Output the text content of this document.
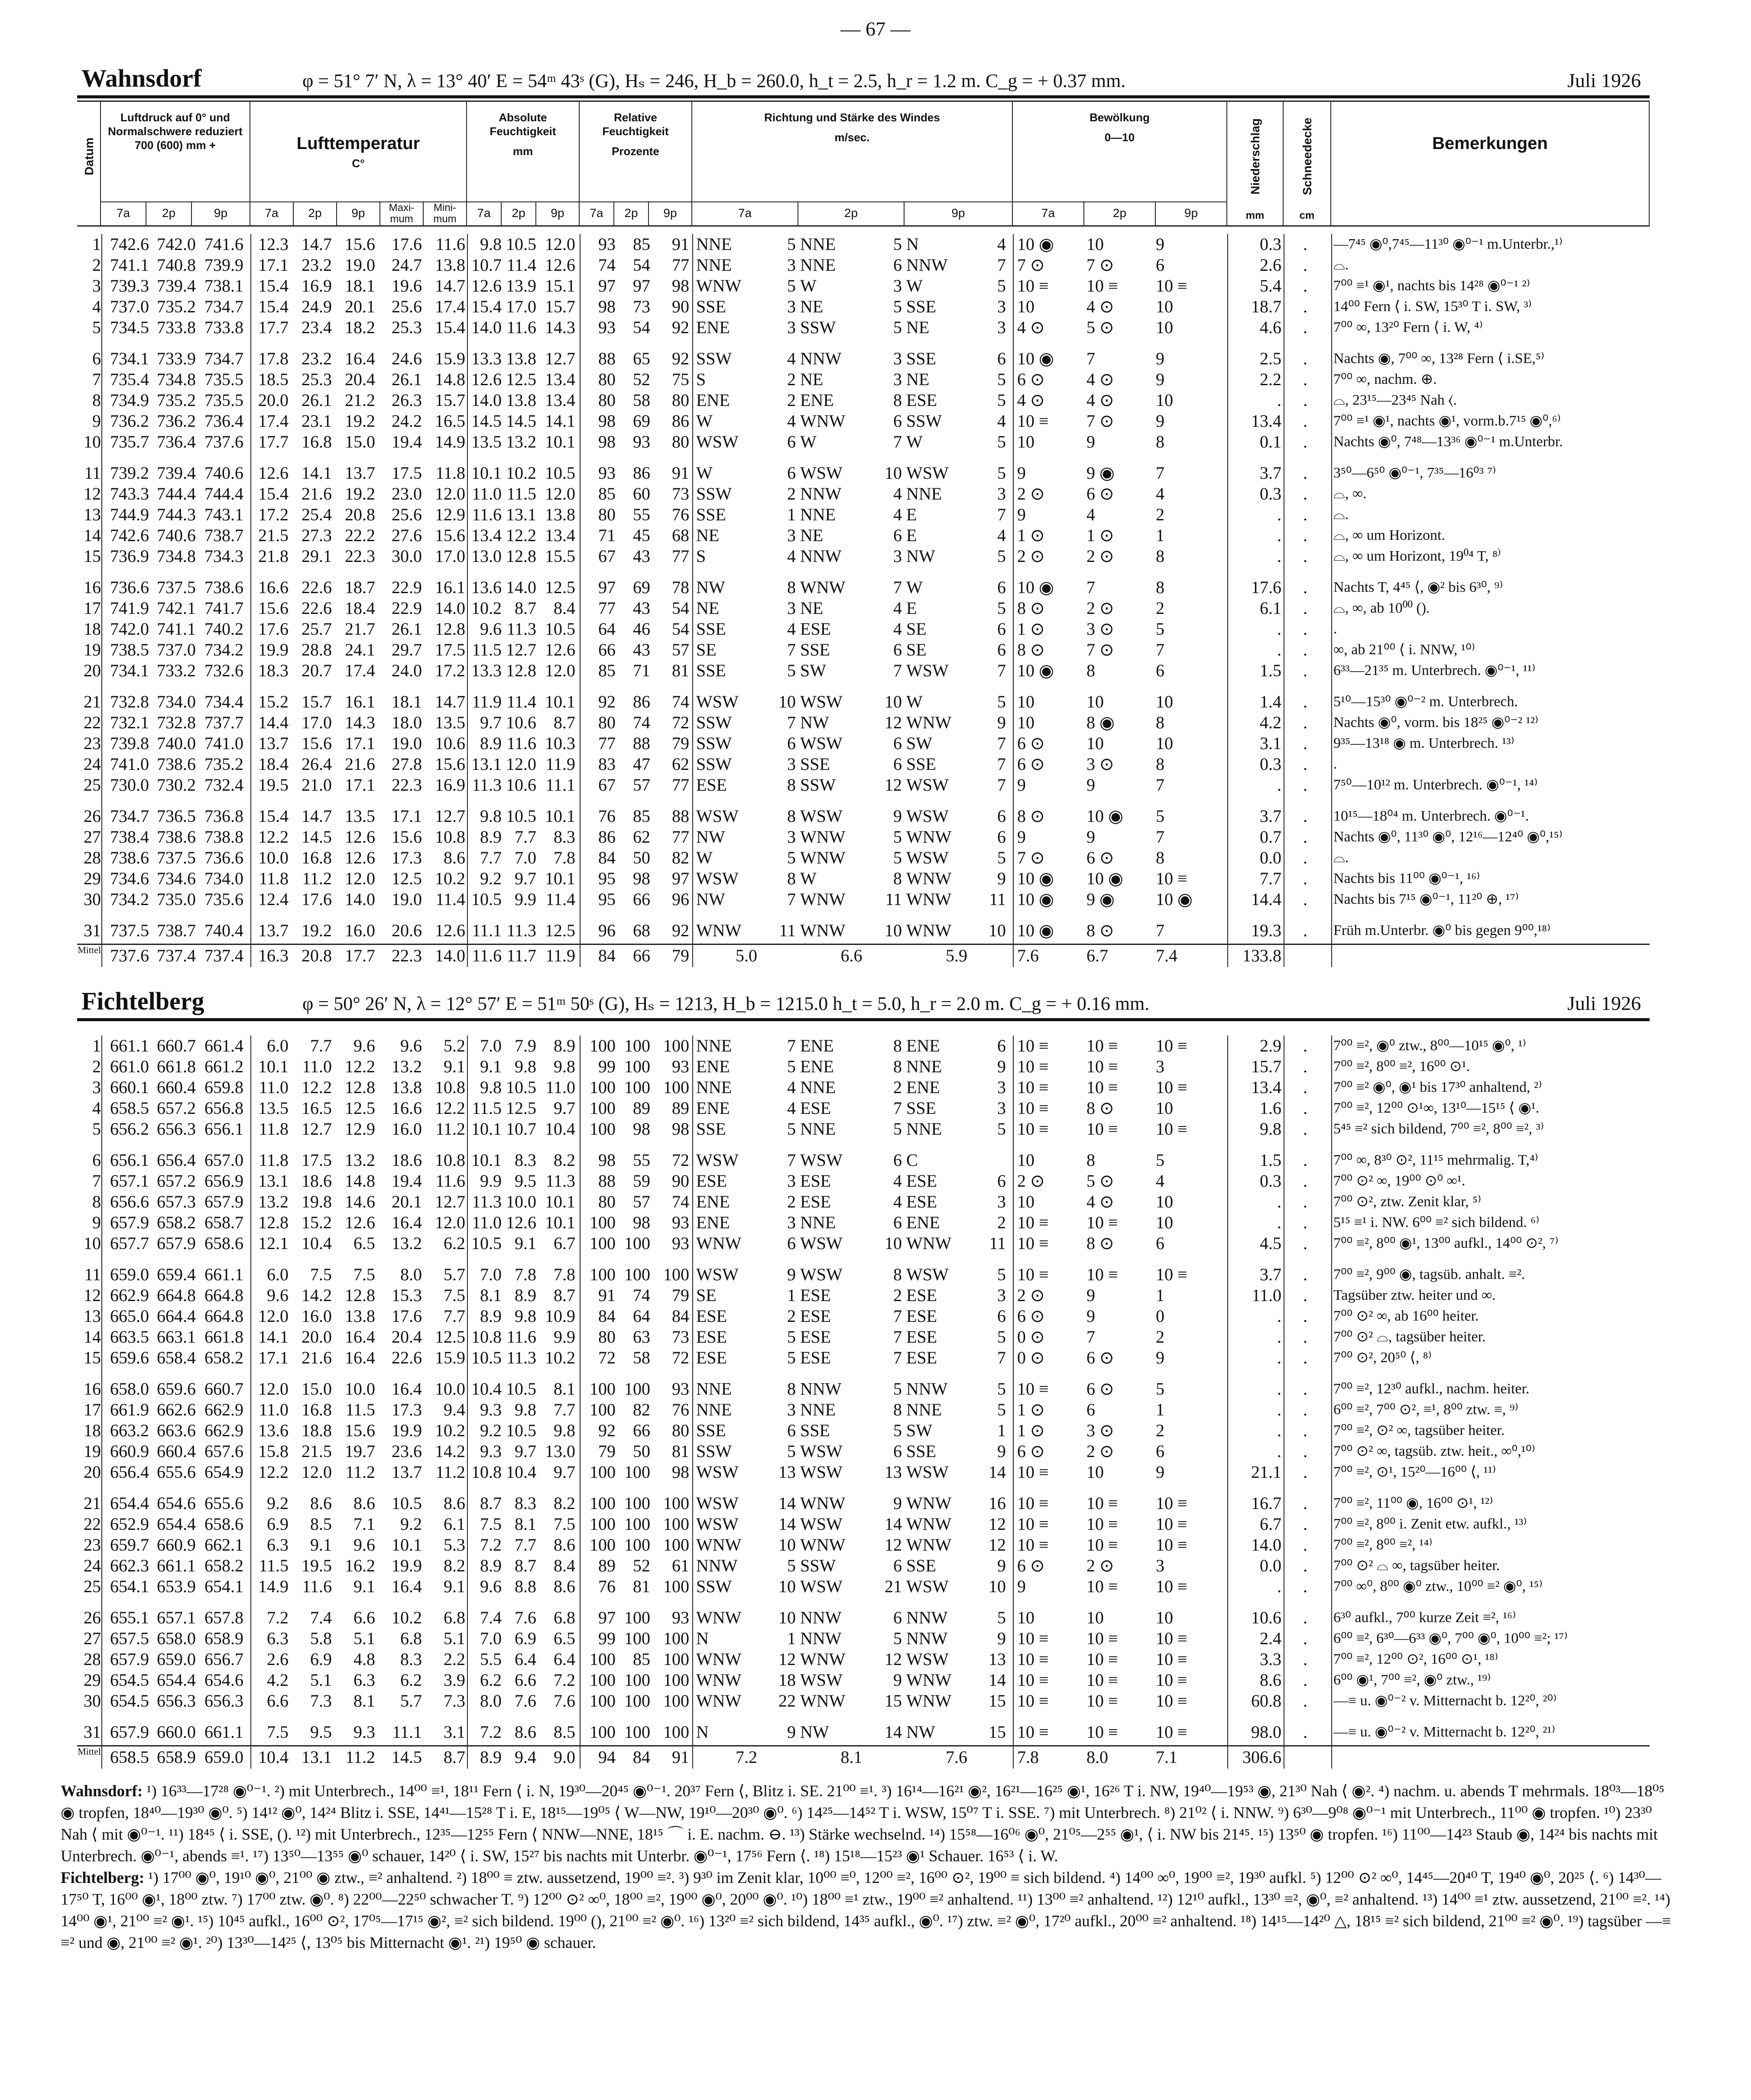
— 67 —
Wahnsdorf	φ = 51° 7′ N, λ = 13° 40′ E = 54ᵐ 43ˢ (G), Hₛ = 246, H_b = 260.0, h_t = 2.5, h_r = 1.2 m. C_g = + 0.37 mm.	Juli 1926
Datum
Luftdruck auf 0° und Normalschwere reduziert 700 (600) mm +	Lufttemperatur
C°
Absolute Feuchtigkeit
mm
Relative Feuchtigkeit
Prozente
Richtung und Stärke des Windes
m/sec.
Bewölkung
0—10	Niederschlag
mm
Schneedecke
cm
Bemerkungen
7a	2p	9p	7a	2p	9p	Maxi-mum
Mini-mum	7a	2p	9p	7a	2p	9p	7a	2p	9p	7a	2p	9p
1 742.6 742.0 741.6 12.3 14.7 15.6 17.6 11.6 9.8 10.5 12.0	93	85	91 NNE	5 NNE	5 N	4 10 ◉	10	9	0.3	.	—7⁴⁵ ◉⁰,7⁴⁵—11³⁰ ◉⁰⁻¹ m.Unterbr.,¹⁾
2 741.1 740.8 739.9 17.1 23.2 19.0 24.7 13.8 10.7 11.4 12.6	74	54	77 NNE	3 NNE	6 NNW	7 7 ⊙	7 ⊙	6	2.6	.	⌓.
3 739.3 739.4 738.1 15.4 16.9 18.1 19.6 14.7 12.6 13.9 15.1	97	97	98 WNW	5 W	3 W	5 10 ≡	10 ≡	10 ≡	5.4	.	7⁰⁰ ≡¹ ◉¹, nachts bis 14²⁸ ◉⁰⁻¹ ²⁾
4 737.0 735.2 734.7 15.4 24.9 20.1 25.6 17.4 15.4 17.0 15.7	98	73	90 SSE	3 NE	5 SSE	3 10	4 ⊙	10	18.7	.	14⁰⁰ Fern ⟨ i. SW, 15³⁰ T i. SW, ³⁾
5 734.5 733.8 733.8 17.7 23.4 18.2 25.3 15.4 14.0 11.6 14.3	93	54	92 ENE	3 SSW	5 NE	3 4 ⊙	5 ⊙	10	4.6	.	7⁰⁰ ∞, 13²⁰ Fern ⟨ i. W, ⁴⁾
6 734.1 733.9 734.7 17.8 23.2 16.4 24.6 15.9 13.3 13.8 12.7	88	65	92 SSW	4 NNW	3 SSE	6 10 ◉	7	9	2.5	.	Nachts ◉, 7⁰⁰ ∞, 13²⁸ Fern ⟨ i.SE,⁵⁾
7 735.4 734.8 735.5 18.5 25.3 20.4 26.1 14.8 12.6 12.5 13.4	80	52	75 S	2 NE	3 NE	5 6 ⊙	4 ⊙	9	2.2	.	7⁰⁰ ∞, nachm. ⊕.
8 734.9 735.2 735.5 20.0 26.1 21.2 26.3 15.7 14.0 13.8 13.4	80	58	80 ENE	2 ENE	8 ESE	5 4 ⊙	4 ⊙	10	.	.	⌓, 23¹⁵—23⁴⁵ Nah ⟨.
9 736.2 736.2 736.4 17.4 23.1 19.2 24.2 16.5 14.5 14.5 14.1	98	69	86 W	4 WNW	6 SSW	4 10 ≡	7 ⊙	9	13.4	.	7⁰⁰ ≡¹ ◉¹, nachts ◉¹, vorm.b.7¹⁵ ◉⁰,⁶⁾
10 735.7 736.4 737.6 17.7 16.8 15.0 19.4 14.9 13.5 13.2 10.1	98	93	80 WSW	6 W	7 W	5 10	9	8	0.1	.	Nachts ◉⁰, 7⁴⁸—13³⁶ ◉⁰⁻¹ m.Unterbr.
11 739.2 739.4 740.6 12.6 14.1 13.7 17.5 11.8 10.1 10.2 10.5	93	86	91 W	6 WSW 10 WSW	5 9	9 ◉	7	3.7	.	3⁵⁰—6⁵⁰ ◉⁰⁻¹, 7³⁵—16⁰³ ⁷⁾
12 743.3 744.4 744.4 15.4 21.6 19.2 23.0 12.0 11.0 11.5 12.0	85	60	73 SSW	2 NNW	4 NNE	3 2 ⊙	6 ⊙	4	0.3	.	⌓, ∞.
13 744.9 744.3 743.1 17.2 25.4 20.8 25.6 12.9 11.6 13.1 13.8	80	55	76 SSE	1 NNE	4 E	7 9	4	2	.	.	⌓.
14 742.6 740.6 738.7 21.5 27.3 22.2 27.6 15.6 13.4 12.2 13.4	71	45	68 NE	3 NE	6 E	4 1 ⊙	1 ⊙	1	.	.	⌓, ∞ um Horizont.
15 736.9 734.8 734.3 21.8 29.1 22.3 30.0 17.0 13.0 12.8 15.5	67	43	77 S	4 NNW	3 NW	5 2 ⊙	2 ⊙	8	.	.	⌓, ∞ um Horizont, 19⁰⁴ T, ⁸⁾
16 736.6 737.5 738.6 16.6 22.6 18.7 22.9 16.1 13.6 14.0 12.5	97	69	78 NW	8 WNW	7 W	6 10 ◉	7	8	17.6	.	Nachts T, 4⁴⁵ ⟨, ◉² bis 6³⁰, ⁹⁾
17 741.9 742.1 741.7 15.6 22.6 18.4 22.9 14.0 10.2 8.7	8.4	77	43	54 NE	3 NE	4 E	5 8 ⊙	2 ⊙	2	6.1	.	⌓, ∞, ab 10⁰⁰ ().
18 742.0 741.1 740.2 17.6 25.7 21.7 26.1 12.8 9.6 11.3 10.5	64	46	54 SSE	4 ESE	4 SE	6 1 ⊙	3 ⊙	5	.	.	.
19 738.5 737.0 734.2 19.9 28.8 24.1 29.7 17.5 11.5 12.7 12.6	66	43	57 SE	7 SSE	6 SE	6 8 ⊙	7 ⊙	7	.	.	∞, ab 21⁰⁰ ⟨ i. NNW, ¹⁰⁾
20 734.1 733.2 732.6 18.3 20.7 17.4 24.0 17.2 13.3 12.8 12.0	85	71	81 SSE	5 SW	7 WSW	7 10 ◉	8	6	1.5	.	6³³—21³⁵ m. Unterbrech. ◉⁰⁻¹, ¹¹⁾
21 732.8 734.0 734.4 15.2 15.7 16.1 18.1 14.7 11.9 11.4 10.1	92	86	74 WSW 10 WSW 10 W	5 10	10	10	1.4	.	5¹⁰—15³⁰ ◉⁰⁻² m. Unterbrech.
22 732.1 732.8 737.7 14.4 17.0 14.3 18.0 13.5 9.7 10.6	8.7	80	74	72 SSW	7 NW	12 WNW	9 10	8 ◉	8	4.2	.	Nachts ◉⁰, vorm. bis 18²⁵ ◉⁰⁻² ¹²⁾
23 739.8 740.0 741.0 13.7 15.6 17.1 19.0 10.6 8.9 11.6 10.3	77	88	79 SSW	6 WSW	6 SW	7 6 ⊙	10	10	3.1	.	9³⁵—13¹⁸ ◉ m. Unterbrech. ¹³⁾
24 741.0 738.6 735.2 18.4 26.4 21.6 27.8 15.6 13.1 12.0 11.9	83	47	62 SSW	3 SSE	6 SSE	7 6 ⊙	3 ⊙	8	0.3	.	.
25 730.0 730.2 732.4 19.5 21.0 17.1 22.3 16.9 11.3 10.6 11.1	67	57	77 ESE	8 SSW	12 WSW	7 9	9	7	.	.	7⁵⁰—10¹² m. Unterbrech. ◉⁰⁻¹, ¹⁴⁾
26 734.7 736.5 736.8 15.4 14.7 13.5 17.1 12.7 9.8 10.5 10.1	76	85	88 WSW	8 WSW	9 WSW	6 8 ⊙	10 ◉	5	3.7	.	10¹⁵—18⁰⁴ m. Unterbrech. ◉⁰⁻¹.
27 738.4 738.6 738.8 12.2 14.5 12.6 15.6 10.8 8.9 7.7	8.3	86	62	77 NW	3 WNW	5 WNW	6 9	9	7	0.7	.	Nachts ◉⁰, 11³⁰ ◉⁰, 12¹⁶—12⁴⁰ ◉⁰,¹⁵⁾
28 738.6 737.5 736.6 10.0 16.8 12.6 17.3	8.6 7.7 7.0	7.8	84	50	82 W	5 WNW	5 WSW	5 7 ⊙	6 ⊙	8	0.0	.	⌓.
29 734.6 734.6 734.0 11.8 11.2 12.0 12.5 10.2 9.2 9.7 10.1	95	98	97 WSW	8 W	8 WNW	9 10 ◉	10 ◉	10 ≡	7.7	.	Nachts bis 11⁰⁰ ◉⁰⁻¹, ¹⁶⁾
30 734.2 735.0 735.6 12.4 17.6 14.0 19.0 11.4 10.5 9.9 11.4	95	66	96 NW	7 WNW 11 WNW 11 10 ◉	9 ◉	10 ◉	14.4	.	Nachts bis 7¹⁵ ◉⁰⁻¹, 11²⁰ ⊕, ¹⁷⁾
31 737.5 738.7 740.4 13.7 19.2 16.0 20.6 12.6 11.1 11.3 12.5	96	68	92 WNW 11 WNW 10 WNW 10 10 ◉	8 ⊙	7	19.3	.	Früh m.Unterbr. ◉⁰ bis gegen 9⁰⁰,¹⁸⁾
Mittel 737.6 737.4 737.4 16.3 20.8 17.7 22.3 14.0 11.6 11.7 11.9	84	66	79	5.0	6.6	5.9	7.6	6.7	7.4	133.8
Fichtelberg	φ = 50° 26′ N, λ = 12° 57′ E = 51ᵐ 50ˢ (G), Hₛ = 1213, H_b = 1215.0 h_t = 5.0, h_r = 2.0 m. C_g = + 0.16 mm.	Juli 1926
1 661.1 660.7 661.4	6.0	7.7	9.6	9.6	5.2 7.0 7.9	8.9 100 100 100 NNE	7 ENE	8 ENE	6 10 ≡	10 ≡	10 ≡	2.9	.	7⁰⁰ ≡², ◉⁰ ztw., 8⁰⁰—10¹⁵ ◉⁰, ¹⁾
2 661.0 661.8 661.2 10.1 11.0 12.2 13.2	9.1 9.1 9.8	9.8	99 100	93 ENE	5 ENE	8 NNE	9 10 ≡	10 ≡	3	15.7	.	7⁰⁰ ≡², 8⁰⁰ ≡², 16⁰⁰ ⊙¹.
3 660.1 660.4 659.8 11.0 12.2 12.8 13.8 10.8 9.8 10.5 11.0 100 100 100 NNE	4 NNE	2 ENE	3 10 ≡	10 ≡	10 ≡	13.4	.	7⁰⁰ ≡² ◉⁰, ◉¹ bis 17³⁰ anhaltend, ²⁾
4 658.5 657.2 656.8 13.5 16.5 12.5 16.6 12.2 11.5 12.5	9.7 100	89	89 ENE	4 ESE	7 SSE	3 10 ≡	8 ⊙	10	1.6	.	7⁰⁰ ≡², 12⁰⁰ ⊙¹∞, 13¹⁰—15¹⁵ ⟨ ◉¹.
5 656.2 656.3 656.1 11.8 12.7 12.9 16.0 11.2 10.1 10.7 10.4 100	98	98 SSE	5 NNE	5 NNE	5 10 ≡	10 ≡	10 ≡	9.8	.	5⁴⁵ ≡² sich bildend, 7⁰⁰ ≡², 8⁰⁰ ≡², ³⁾
6 656.1 656.4 657.0 11.8 17.5 13.2 18.6 10.8 10.1 8.3	8.2	98	55	72 WSW	7 WSW	6 C	10	8	5	1.5	.	7⁰⁰ ∞, 8³⁰ ⊙², 11¹⁵ mehrmalig. T,⁴⁾
7 657.1 657.2 656.9 13.1 18.6 14.8 19.4 11.6 9.9 9.5 11.3	88	59	90 ESE	3 ESE	4 ESE	6 2 ⊙	5 ⊙	4	0.3	.	7⁰⁰ ⊙² ∞, 19⁰⁰ ⊙⁰ ∞¹.
8 656.6 657.3 657.9 13.2 19.8 14.6 20.1 12.7 11.3 10.0 10.1	80	57	74 ENE	2 ESE	4 ESE	3 10	4 ⊙	10	.	.	7⁰⁰ ⊙², ztw. Zenit klar, ⁵⁾
9 657.9 658.2 658.7 12.8 15.2 12.6 16.4 12.0 11.0 12.6 10.1 100	98	93 ENE	3 NNE	6 ENE	2 10 ≡	10 ≡	10	.	.	5¹⁵ ≡¹ i. NW. 6⁰⁰ ≡² sich bildend. ⁶⁾
10 657.7 657.9 658.6 12.1 10.4	6.5 13.2	6.2 10.5 9.1	6.7 100 100	93 WNW	6 WSW 10 WNW 11 10 ≡	8 ⊙	6	4.5	.	7⁰⁰ ≡², 8⁰⁰ ◉¹, 13⁰⁰ aufkl., 14⁰⁰ ⊙², ⁷⁾
11 659.0 659.4 661.1	6.0	7.5	7.5	8.0	5.7 7.0 7.8	7.8 100 100 100 WSW	9 WSW	8 WSW	5 10 ≡	10 ≡	10 ≡	3.7	.	7⁰⁰ ≡², 9⁰⁰ ◉, tagsüb. anhalt. ≡².
12 662.9 664.8 664.8	9.6 14.2 12.8 15.3	7.5 8.1 8.9	8.7	91	74	79 SE	1 ESE	2 ESE	3 2 ⊙	9	1	11.0	.	Tagsüber ztw. heiter und ∞.
13 665.0 664.4 664.8 12.0 16.0 13.8 17.6	7.7 8.9 9.8 10.9	84	64	84 ESE	2 ESE	7 ESE	6 6 ⊙	9	0	.	.	7⁰⁰ ⊙² ∞, ab 16⁰⁰ heiter.
14 663.5 663.1 661.8 14.1 20.0 16.4 20.4 12.5 10.8 11.6	9.9	80	63	73 ESE	5 ESE	7 ESE	5 0 ⊙	7	2	.	.	7⁰⁰ ⊙² ⌓, tagsüber heiter.
15 659.6 658.4 658.2 17.1 21.6 16.4 22.6 15.9 10.5 11.3 10.2	72	58	72 ESE	5 ESE	7 ESE	7 0 ⊙	6 ⊙	9	.	.	7⁰⁰ ⊙², 20⁵⁰ ⟨, ⁸⁾
16 658.0 659.6 660.7 12.0 15.0 10.0 16.4 10.0 10.4 10.5	8.1 100 100	93 NNE	8 NNW	5 NNW	5 10 ≡	6 ⊙	5	.	.	7⁰⁰ ≡², 12³⁰ aufkl., nachm. heiter.
17 661.9 662.6 662.9 11.0 16.8 11.5 17.3	9.4 9.3 9.8	7.7 100	82	76 NNE	3 NNE	8 NNE	5 1 ⊙	6	1	.	.	6⁰⁰ ≡², 7⁰⁰ ⊙², ≡¹, 8⁰⁰ ztw. ≡, ⁹⁾
18 663.2 663.6 662.9 13.6 18.8 15.6 19.9 10.2 9.2 10.5	9.8	92	66	80 SSE	6 SSE	5 SW	1 1 ⊙	3 ⊙	2	.	.	7⁰⁰ ≡², ⊙² ∞, tagsüber heiter.
19 660.9 660.4 657.6 15.8 21.5 19.7 23.6 14.2 9.3 9.7 13.0	79	50	81 SSW	5 WSW	6 SSE	9 6 ⊙	2 ⊙	6	.	.	7⁰⁰ ⊙² ∞, tagsüb. ztw. heit., ∞⁰,¹⁰⁾
20 656.4 655.6 654.9 12.2 12.0 11.2 13.7 11.2 10.8 10.4	9.7 100 100	98 WSW 13 WSW 13 WSW 14 10 ≡	10	9	21.1	.	7⁰⁰ ≡², ⊙¹, 15²⁰—16⁰⁰ ⟨, ¹¹⁾
21 654.4 654.6 655.6	9.2	8.6	8.6 10.5	8.6 8.7 8.3	8.2 100 100 100 WSW 14 WNW	9 WNW 16 10 ≡	10 ≡	10 ≡	16.7	.	7⁰⁰ ≡², 11⁰⁰ ◉, 16⁰⁰ ⊙¹, ¹²⁾
22 652.9 654.4 658.6	6.9	8.5	7.1	9.2	6.1 7.5 8.1	7.5 100 100 100 WSW 14 WSW 14 WNW 12 10 ≡	10 ≡	10 ≡	6.7	.	7⁰⁰ ≡², 8⁰⁰ i. Zenit etw. aufkl., ¹³⁾
23 659.7 660.9 662.1	6.3	9.1	9.6 10.1	5.3 7.2 7.7	8.6 100 100 100 WNW 10 WNW 12 WNW 12 10 ≡	10 ≡	10 ≡	14.0	.	7⁰⁰ ≡², 8⁰⁰ ≡², ¹⁴⁾
24 662.3 661.1 658.2 11.5 19.5 16.2 19.9	8.2 8.9 8.7	8.4	89	52	61 NNW	5 SSW	6 SSE	9 6 ⊙	2 ⊙	3	0.0	.	7⁰⁰ ⊙² ⌓ ∞, tagsüber heiter.
25 654.1 653.9 654.1 14.9 11.6	9.1 16.4	9.1 9.6 8.8	8.6	76	81 100 SSW	10 WSW 21 WSW 10 9	10 ≡	10 ≡	.	.	7⁰⁰ ∞⁰, 8⁰⁰ ◉⁰ ztw., 10⁰⁰ ≡² ◉⁰, ¹⁵⁾
26 655.1 657.1 657.8	7.2	7.4	6.6 10.2	6.8 7.4 7.6	6.8	97 100	93 WNW 10 NNW	6 NNW	5 10	10	10	10.6	.	6³⁰ aufkl., 7⁰⁰ kurze Zeit ≡², ¹⁶⁾
27 657.5 658.0 658.9	6.3	5.8	5.1	6.8	5.1 7.0 6.9	6.5	99 100 100 N	1 NNW	5 NNW	9 10 ≡	10 ≡	10 ≡	2.4	.	6⁰⁰ ≡², 6³⁰—6³³ ◉⁰, 7⁰⁰ ◉⁰, 10⁰⁰ ≡²; ¹⁷⁾
28 657.9 659.0 656.7	2.6	6.9	4.8	8.3	2.2 5.5 6.4	6.4 100	85 100 WNW 12 WNW 12 WSW 13 10 ≡	10 ≡	10 ≡	3.3	.	7⁰⁰ ≡², 12⁰⁰ ⊙², 16⁰⁰ ⊙¹, ¹⁸⁾
29 654.5 654.4 654.6	4.2	5.1	6.3	6.2	3.9 6.2 6.6	7.2 100 100 100 WNW 18 WSW	9 WNW 14 10 ≡	10 ≡	10 ≡	8.6	.	6⁰⁰ ◉¹, 7⁰⁰ ≡², ◉⁰ ztw., ¹⁹⁾
30 654.5 656.3 656.3	6.6	7.3	8.1	5.7	7.3 8.0 7.6	7.6 100 100 100 WNW 22 WNW 15 WNW 15 10 ≡	10 ≡	10 ≡	60.8	.	—≡ u. ◉⁰⁻² v. Mitternacht b. 12²⁰, ²⁰⁾
31 657.9 660.0 661.1	7.5	9.5	9.3 11.1	3.1 7.2 8.6	8.5 100 100 100 N	9 NW	14 NW	15 10 ≡	10 ≡	10 ≡	98.0	.	—≡ u. ◉⁰⁻² v. Mitternacht b. 12²⁰, ²¹⁾
Mittel 658.5 658.9 659.0 10.4 13.1 11.2 14.5	8.7 8.9 9.4	9.0	94	84	91	7.2	8.1	7.6	7.8	8.0	7.1	306.6
Wahnsdorf: ¹) 16³³—17²⁸ ◉⁰⁻¹. ²) mit Unterbrech., 14⁰⁰ ≡¹, 18¹¹ Fern ⟨ i. N, 19³⁰—20⁴⁵ ◉⁰⁻¹. 20³⁷ Fern ⟨, Blitz i. SE. 21⁰⁰ ≡¹. ³) 16¹⁴—16²¹ ◉², 16²¹—16²⁵ ◉¹, 16²⁶ T i. NW, 19⁴⁰—19⁵³ ◉, 21³⁰ Nah ⟨ ◉². ⁴) nachm. u. abends T mehrmals. 18⁰³—18⁰⁵ ◉ tropfen, 18⁴⁰—19³⁰ ◉⁰. ⁵) 14¹² ◉⁰, 14²⁴ Blitz i. SSE, 14⁴¹—15²⁸ T i. E, 18¹⁵—19⁰⁵ ⟨ W—NW, 19¹⁰—20³⁰ ◉⁰. ⁶) 14²⁵—14⁵² T i. WSW, 15⁰⁷ T i. SSE. ⁷) mit Unterbrech. ⁸) 21⁰² ⟨ i. NNW. ⁹) 6³⁰—9⁰⁸ ◉⁰⁻¹ mit Unterbrech., 11⁰⁰ ◉ tropfen. ¹⁰) 23³⁰ Nah ⟨ mit ◉⁰⁻¹. ¹¹) 18⁴⁵ ⟨ i. SSE, (). ¹²) mit Unterbrech., 12³⁵—12⁵⁵ Fern ⟨ NNW—NNE, 18¹⁵ ⌒ i. E. nachm. ⊖. ¹³) Stärke wechselnd. ¹⁴) 15⁵⁸—16⁰⁶ ◉⁰, 21⁰⁵—2⁵⁵ ◉¹, ⟨ i. NW bis 21⁴⁵. ¹⁵) 13⁵⁰ ◉ tropfen. ¹⁶) 11⁰⁰—14²³ Staub ◉, 14²⁴ bis nachts mit Unterbrech. ◉⁰⁻¹, abends ≡¹. ¹⁷) 13⁵⁰—13⁵⁵ ◉⁰ schauer, 14²⁰ ⟨ i. SW, 15²⁷ bis nachts mit Unterbr. ◉⁰⁻¹, 17⁵⁶ Fern ⟨. ¹⁸) 15¹⁸—15²³ ◉¹ Schauer. 16⁵³ ⟨ i. W.
Fichtelberg: ¹) 17⁰⁰ ◉⁰, 19¹⁰ ◉⁰, 21⁰⁰ ◉ ztw., ≡² anhaltend. ²) 18⁰⁰ ≡ ztw. aussetzend, 19⁰⁰ ≡². ³) 9³⁰ im Zenit klar, 10⁰⁰ ≡⁰, 12⁰⁰ ≡², 16⁰⁰ ⊙², 19⁰⁰ ≡ sich bildend. ⁴) 14⁰⁰ ∞⁰, 19⁰⁰ ≡², 19³⁰ aufkl. ⁵) 12⁰⁰ ⊙² ∞⁰, 14⁴⁵—20⁴⁰ T, 19⁴⁰ ◉⁰, 20²⁵ ⟨. ⁶) 14³⁰—17⁵⁰ T, 16⁰⁰ ◉¹, 18⁰⁰ ztw. ⁷) 17⁰⁰ ztw. ◉⁰. ⁸) 22⁰⁰—22⁵⁰ schwacher T. ⁹) 12⁰⁰ ⊙² ∞⁰, 18⁰⁰ ≡², 19⁰⁰ ◉⁰, 20⁰⁰ ◉⁰. ¹⁰) 18⁰⁰ ≡¹ ztw., 19⁰⁰ ≡² anhaltend. ¹¹) 13⁰⁰ ≡² anhaltend. ¹²) 12¹⁰ aufkl., 13³⁰ ≡², ◉⁰, ≡² anhaltend. ¹³) 14⁰⁰ ≡¹ ztw. aussetzend, 21⁰⁰ ≡². ¹⁴) 14⁰⁰ ◉¹, 21⁰⁰ ≡² ◉¹. ¹⁵) 10⁴⁵ aufkl., 16⁰⁰ ⊙², 17⁰⁵—17¹⁵ ◉², ≡² sich bildend. 19⁰⁰ (), 21⁰⁰ ≡² ◉⁰. ¹⁶) 13²⁰ ≡² sich bildend, 14³⁵ aufkl., ◉⁰. ¹⁷) ztw. ≡² ◉⁰, 17²⁰ aufkl., 20⁰⁰ ≡² anhaltend. ¹⁸) 14¹⁵—14²⁰ △, 18¹⁵ ≡² sich bildend, 21⁰⁰ ≡² ◉⁰. ¹⁹) tagsüber —≡ ≡² und ◉, 21⁰⁰ ≡² ◉¹. ²⁰) 13³⁰—14²⁵ ⟨, 13⁰⁵ bis Mitternacht ◉¹. ²¹) 19⁵⁰ ◉ schauer.
